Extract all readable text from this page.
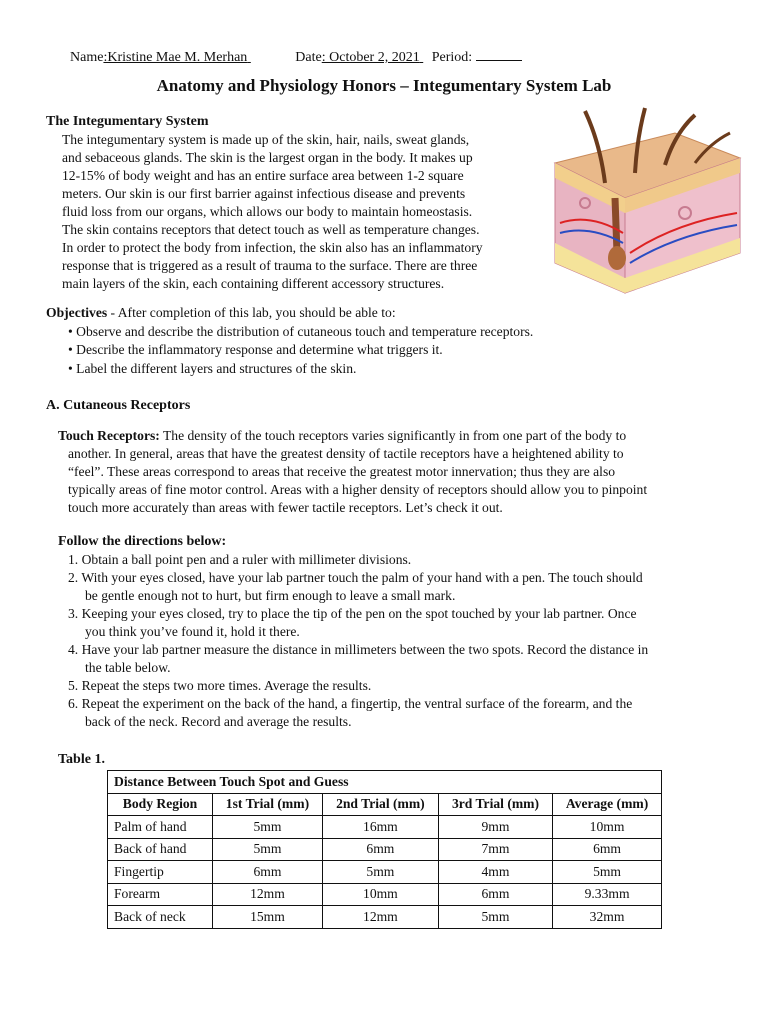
Name:Kristine Mae M. Merhan	Date: October 2, 2021 Period:
Anatomy and Physiology Honors – Integumentary System Lab
The Integumentary System
The integumentary system is made up of the skin, hair, nails, sweat glands,
and sebaceous glands. The skin is the largest organ in the body. It makes up
12-15% of body weight and has an entire surface area between 1-2 square
meters. Our skin is our first barrier against infectious disease and prevents
fluid loss from our organs, which allows our body to maintain homeostasis.
The skin contains receptors that detect touch as well as temperature changes.
In order to protect the body from infection, the skin also has an inflammatory
response that is triggered as a result of trauma to the surface. There are three
main layers of the skin, each containing different accessory structures.
Objectives - After completion of this lab, you should be able to:
• Observe and describe the distribution of cutaneous touch and temperature receptors.
• Describe the inflammatory response and determine what triggers it.
• Label the different layers and structures of the skin.
A. Cutaneous Receptors
Touch Receptors: The density of the touch receptors varies significantly in from one part of the body to
another. In general, areas that have the greatest density of tactile receptors have a heightened ability to
“feel”. These areas correspond to areas that receive the greatest motor innervation; thus they are also
typically areas of fine motor control. Areas with a higher density of receptors should allow you to pinpoint
touch more accurately than areas with fewer tactile receptors. Let’s check it out.
Follow the directions below:
1. Obtain a ball point pen and a ruler with millimeter divisions.
2. With your eyes closed, have your lab partner touch the palm of your hand with a pen. The touch should
be gentle enough not to hurt, but firm enough to leave a small mark.
3. Keeping your eyes closed, try to place the tip of the pen on the spot touched by your lab partner. Once
you think you’ve found it, hold it there.
4. Have your lab partner measure the distance in millimeters between the two spots. Record the distance in
the table below.
5. Repeat the steps two more times. Average the results.
6. Repeat the experiment on the back of the hand, a fingertip, the ventral surface of the forearm, and the
back of the neck. Record and average the results.
Table 1.
Distance Between Touch Spot and Guess				
Body Region	1st Trial (mm)	2nd Trial (mm)	3rd Trial (mm)	Average (mm)
Palm of hand	5mm	16mm	9mm	10mm
Back of hand	5mm	6mm	7mm	6mm
Fingertip	6mm	5mm	4mm	5mm
Forearm	12mm	10mm	6mm	9.33mm
Back of neck	15mm	12mm	5mm	32mm
